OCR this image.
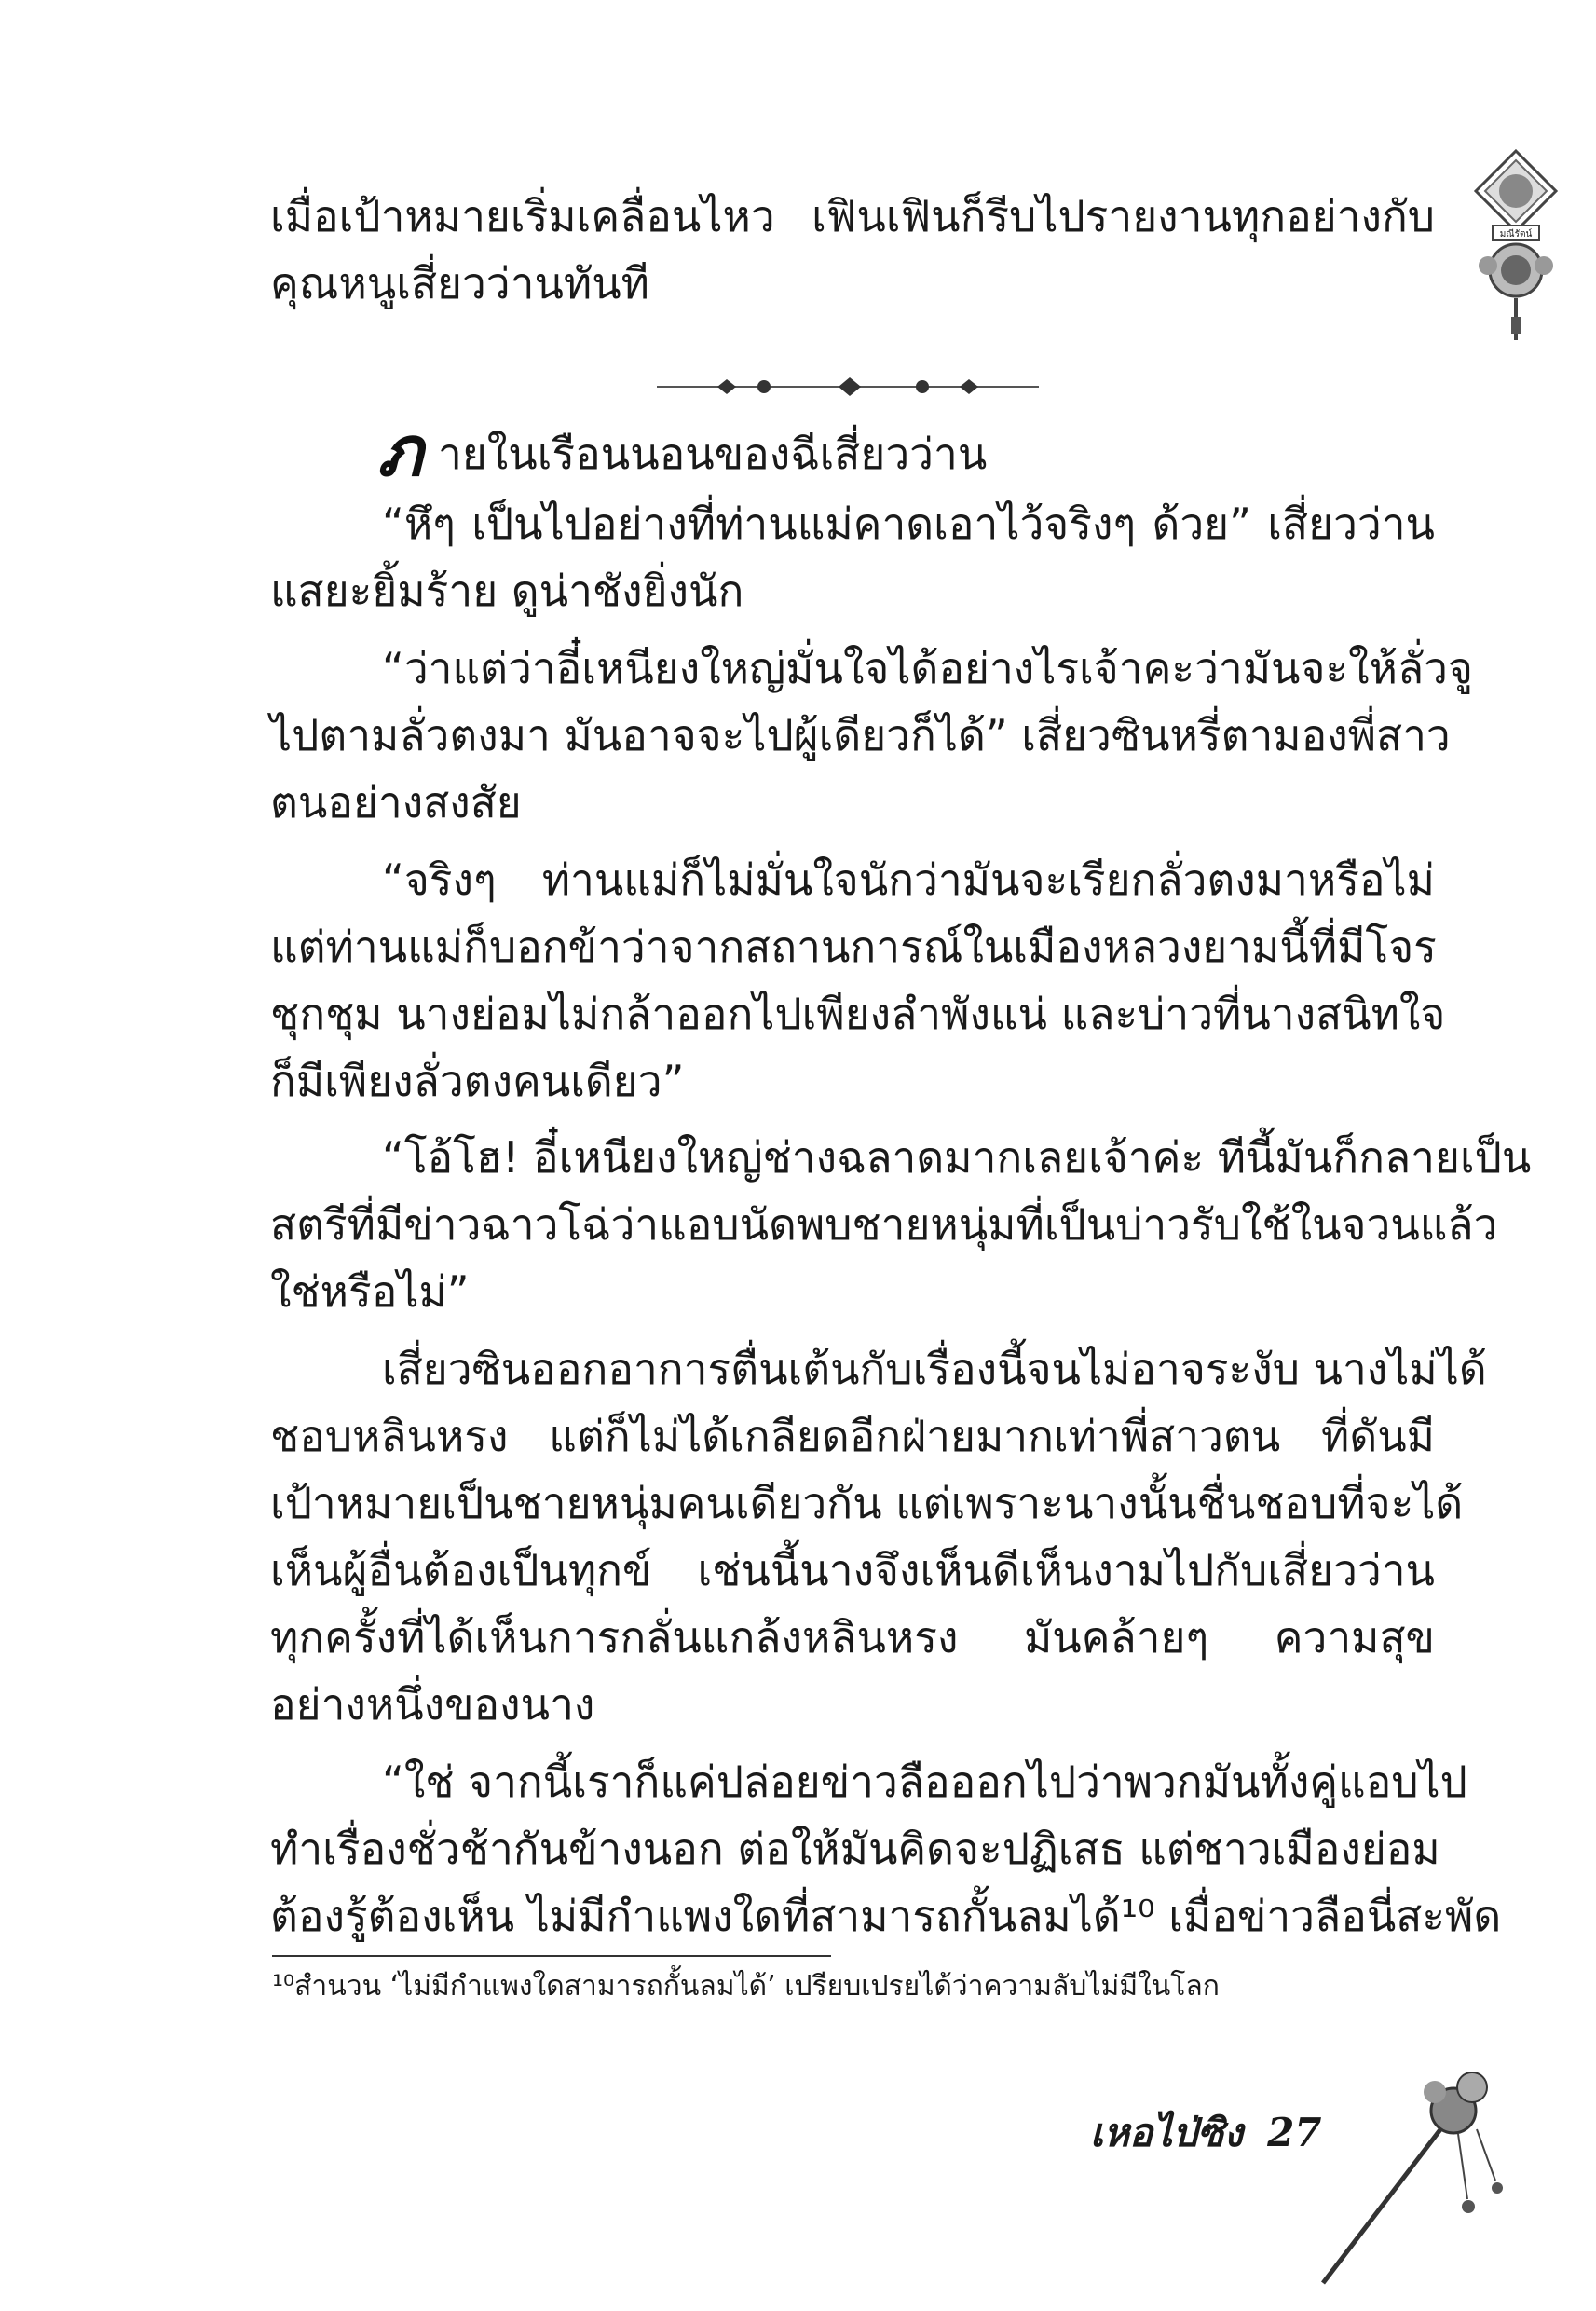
มณีรัตน์
เมื่อเป้าหมายเริ่มเคลื่อนไหว เฟินเฟินก็รีบไปรายงานทุกอย่างกับ
คุณหนูเสี่ยวว่านทันที
ภ ายในเรือนนอนของฉีเสี่ยวว่าน
“หึๆ เป็นไปอย่างที่ท่านแม่คาดเอาไว้จริงๆ ด้วย” เสี่ยวว่าน
แสยะยิ้มร้าย ดูน่าชังยิ่งนัก
“ว่าแต่ว่าอี๋เหนียงใหญ่มั่นใจได้อย่างไรเจ้าคะว่ามันจะให้ลั่วจู
ไปตามลั่วตงมา มันอาจจะไปผู้เดียวก็ได้” เสี่ยวซินหรี่ตามองพี่สาว
ตนอย่างสงสัย
“จริงๆ ท่านแม่ก็ไม่มั่นใจนักว่ามันจะเรียกลั่วตงมาหรือไม่
แต่ท่านแม่ก็บอกข้าว่าจากสถานการณ์ในเมืองหลวงยามนี้ที่มีโจร
ชุกชุม นางย่อมไม่กล้าออกไปเพียงลำพังแน่ และบ่าวที่นางสนิทใจ
ก็มีเพียงลั่วตงคนเดียว”
“โอ้โฮ! อี๋เหนียงใหญ่ช่างฉลาดมากเลยเจ้าค่ะ ทีนี้มันก็กลายเป็น
สตรีที่มีข่าวฉาวโฉ่ว่าแอบนัดพบชายหนุ่มที่เป็นบ่าวรับใช้ในจวนแล้ว
ใช่หรือไม่”
เสี่ยวซินออกอาการตื่นเต้นกับเรื่องนี้จนไม่อาจระงับ นางไม่ได้
ชอบหลินหรง แต่ก็ไม่ได้เกลียดอีกฝ่ายมากเท่าพี่สาวตน ที่ดันมี
เป้าหมายเป็นชายหนุ่มคนเดียวกัน แต่เพราะนางนั้นชื่นชอบที่จะได้
เห็นผู้อื่นต้องเป็นทุกข์ เช่นนี้นางจึงเห็นดีเห็นงามไปกับเสี่ยวว่าน
ทุกครั้งที่ได้เห็นการกลั่นแกล้งหลินหรง มันคล้ายๆ ความสุข
อย่างหนึ่งของนาง
“ใช่ จากนี้เราก็แค่ปล่อยข่าวลือออกไปว่าพวกมันทั้งคู่แอบไป
ทำเรื่องชั่วช้ากันข้างนอก ต่อให้มันคิดจะปฏิเสธ แต่ชาวเมืองย่อม
ต้องรู้ต้องเห็น ไม่มีกำแพงใดที่สามารถกั้นลมได้¹⁰ เมื่อข่าวลือนี่สะพัด
¹⁰สำนวน ‘ไม่มีกำแพงใดสามารถกั้นลมได้’ เปรียบเปรยได้ว่าความลับไม่มีในโลก
เหอไป่ซิง 27
